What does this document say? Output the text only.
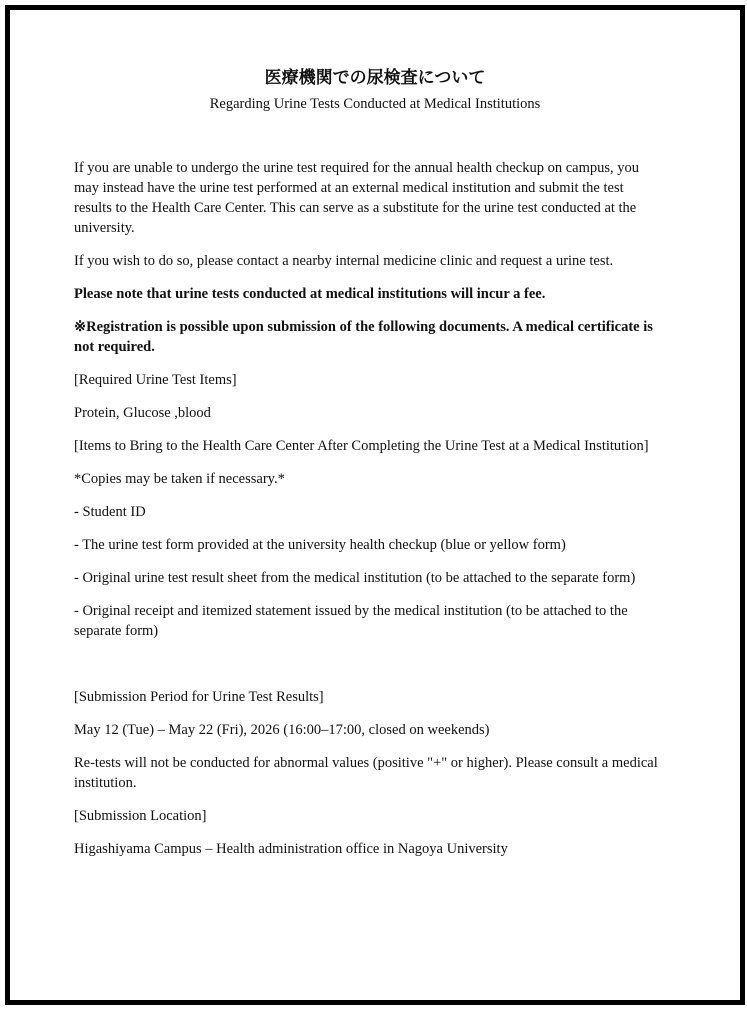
医療機関での尿検査について
Regarding Urine Tests Conducted at Medical Institutions

If you are unable to undergo the urine test required for the annual health checkup on campus, you may instead have the urine test performed at an external medical institution and submit the test results to the Health Care Center. This can serve as a substitute for the urine test conducted at the university.

If you wish to do so, please contact a nearby internal medicine clinic and request a urine test.

Please note that urine tests conducted at medical institutions will incur a fee.

※Registration is possible upon submission of the following documents. A medical certificate is not required.

[Required Urine Test Items]

Protein, Glucose ,blood

[Items to Bring to the Health Care Center After Completing the Urine Test at a Medical Institution]

*Copies may be taken if necessary.*

- Student ID

- The urine test form provided at the university health checkup (blue or yellow form)

- Original urine test result sheet from the medical institution (to be attached to the separate form)

- Original receipt and itemized statement issued by the medical institution (to be attached to the separate form)

[Submission Period for Urine Test Results]

May 12 (Tue) – May 22 (Fri), 2026 (16:00–17:00, closed on weekends)

Re-tests will not be conducted for abnormal values (positive "+" or higher). Please consult a medical institution.

[Submission Location]

Higashiyama Campus – Health administration office in Nagoya University
